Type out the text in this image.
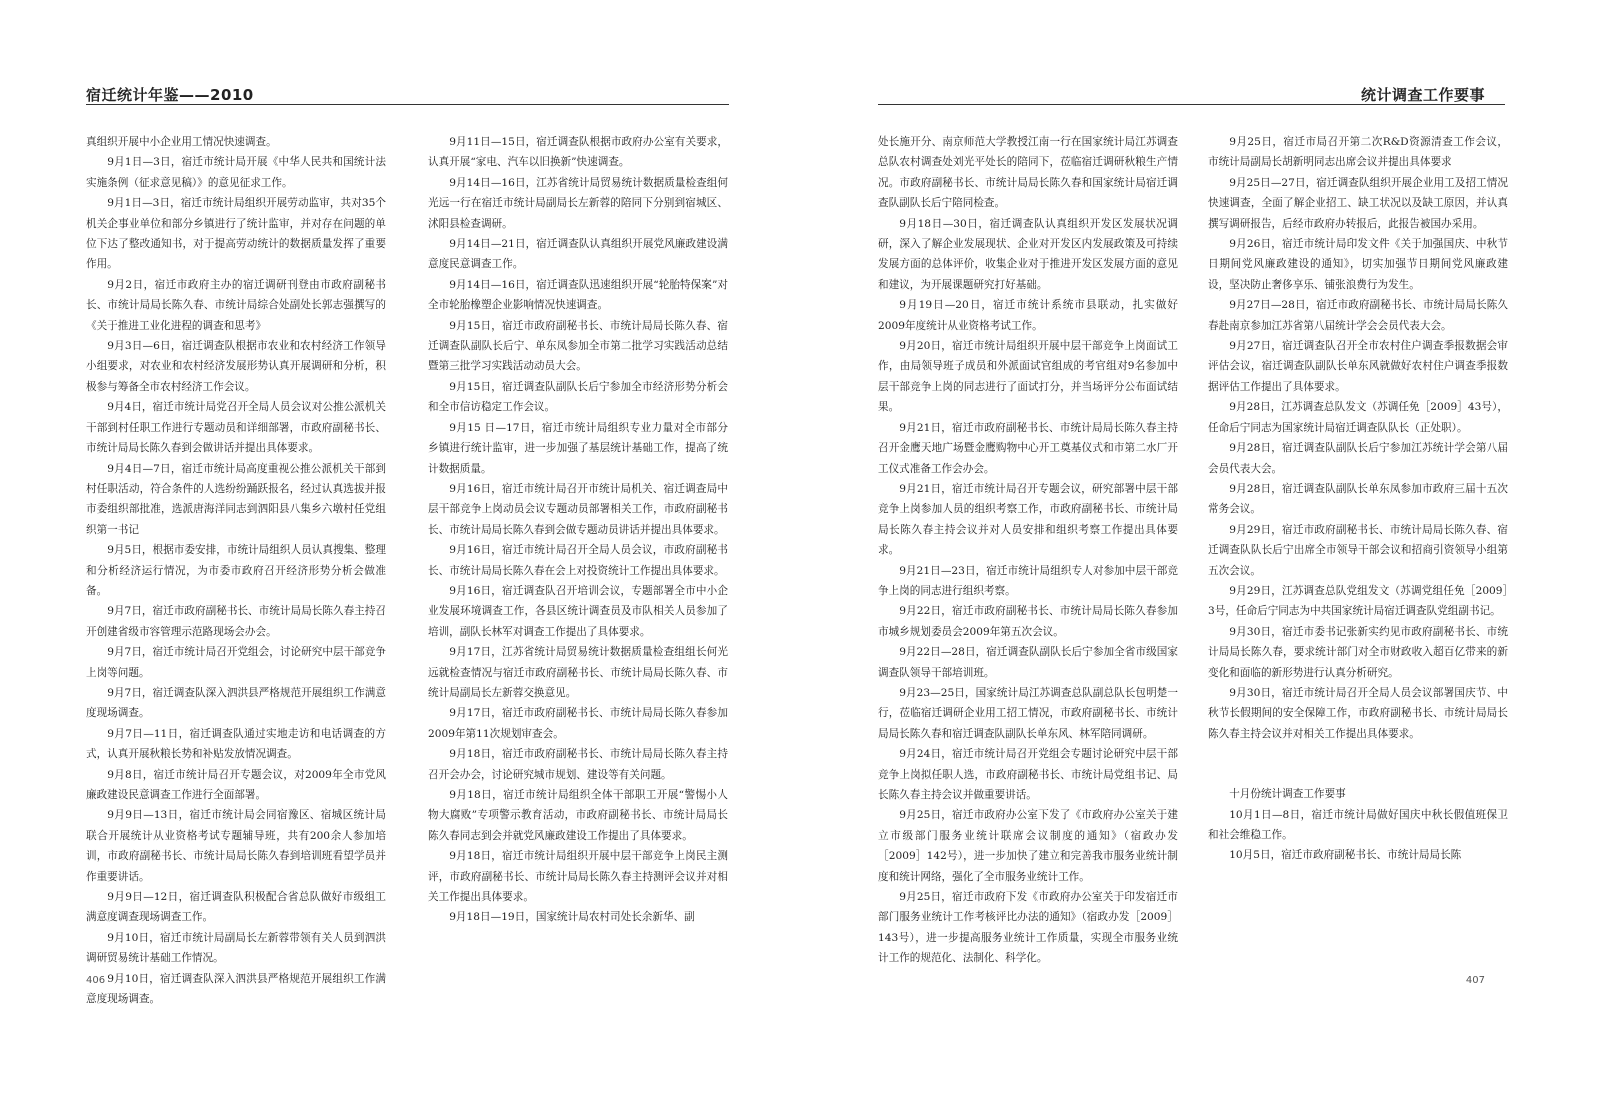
宿迁统计年鉴——2010

真组织开展中小企业用工情况快速调查。

9月1日—3日，宿迁市统计局开展《中华人民共和国统计法实施条例（征求意见稿）》的意见征求工作。

9月1日—3日，宿迁市统计局组织开展劳动监审，共对35个机关企事业单位和部分乡镇进行了统计监审，并对存在问题的单位下达了整改通知书，对于提高劳动统计的数据质量发挥了重要作用。

9月2日，宿迁市政府主办的宿迁调研刊登由市政府副秘书长、市统计局局长陈久春、市统计局综合处副处长郭志强撰写的《关于推进工业化进程的调查和思考》

9月3日—6日，宿迁调查队根据市农业和农村经济工作领导小组要求，对农业和农村经济发展形势认真开展调研和分析，积极参与筹备全市农村经济工作会议。

9月4日，宿迁市统计局党召开全局人员会议对公推公派机关干部到村任职工作进行专题动员和详细部署，市政府副秘书长、市统计局局长陈久春到会做讲话并提出具体要求。

9月4日—7日，宿迁市统计局高度重视公推公派机关干部到村任职活动，符合条件的人选纷纷踊跃报名，经过认真选拔并报市委组织部批准，选派唐海洋同志到泗阳县八集乡六墩村任党组织第一书记

9月5日，根据市委安排，市统计局组织人员认真搜集、整理和分析经济运行情况，为市委市政府召开经济形势分析会做准备。

9月7日，宿迁市政府副秘书长、市统计局局长陈久春主持召开创建省级市容管理示范路现场会办会。

9月7日，宿迁市统计局召开党组会，讨论研究中层干部竞争上岗等问题。

9月7日，宿迁调查队深入泗洪县严格规范开展组织工作满意度现场调查。

9月7日—11日，宿迁调查队通过实地走访和电话调查的方式，认真开展秋粮长势和补贴发放情况调查。

9月8日，宿迁市统计局召开专题会议，对2009年全市党风廉政建设民意调查工作进行全面部署。

9月9日—13日，宿迁市统计局会同宿豫区、宿城区统计局联合开展统计从业资格考试专题辅导班，共有200余人参加培训，市政府副秘书长、市统计局局长陈久春到培训班看望学员并作重要讲话。

9月9日—12日，宿迁调查队积极配合省总队做好市级组工满意度调查现场调查工作。

9月10日，宿迁市统计局副局长左新蓉带领有关人员到泗洪调研贸易统计基础工作情况。

9月10日，宿迁调查队深入泗洪县严格规范开展组织工作满意度现场调查。

9月11日—15日，宿迁调查队根据市政府办公室有关要求，认真开展“家电、汽车以旧换新”快速调查。

9月14日—16日，江苏省统计局贸易统计数据质量检查组何光远一行在宿迁市统计局副局长左新蓉的陪同下分别到宿城区、沭阳县检查调研。

9月14日—21日，宿迁调查队认真组织开展党风廉政建设满意度民意调查工作。

9月14日—16日，宿迁调查队迅速组织开展“轮胎特保案”对全市轮胎橡塑企业影响情况快速调查。

9月15日，宿迁市政府副秘书长、市统计局局长陈久春、宿迁调查队副队长后宁、单东凤参加全市第二批学习实践活动总结暨第三批学习实践活动动员大会。

9月15日，宿迁调查队副队长后宁参加全市经济形势分析会和全市信访稳定工作会议。

9月15 日—17日，宿迁市统计局组织专业力量对全市部分乡镇进行统计监审，进一步加强了基层统计基础工作，提高了统计数据质量。

9月16日，宿迁市统计局召开市统计局机关、宿迁调查局中层干部竞争上岗动员会议专题动员部署相关工作，市政府副秘书长、市统计局局长陈久春到会做专题动员讲话并提出具体要求。

9月16日，宿迁市统计局召开全局人员会议，市政府副秘书长、市统计局局长陈久春在会上对投资统计工作提出具体要求。

9月16日，宿迁调查队召开培训会议，专题部署全市中小企业发展环境调查工作，各县区统计调查员及市队相关人员参加了培训，副队长林军对调查工作提出了具体要求。

9月17日，江苏省统计局贸易统计数据质量检查组组长何光远就检查情况与宿迁市政府副秘书长、市统计局局长陈久春、市统计局副局长左新蓉交换意见。

9月17日，宿迁市政府副秘书长、市统计局局长陈久春参加2009年第11次规划审查会。

9月18日，宿迁市政府副秘书长、市统计局局长陈久春主持召开会办会，讨论研究城市规划、建设等有关问题。

9月18日，宿迁市统计局组织全体干部职工开展“警惕小人物大腐败”专项警示教育活动，市政府副秘书长、市统计局局长陈久春同志到会并就党风廉政建设工作提出了具体要求。

9月18日，宿迁市统计局组织开展中层干部竞争上岗民主测评，市政府副秘书长、市统计局局长陈久春主持测评会议并对相关工作提出具体要求。

9月18日—19日，国家统计局农村司处长余新华、副

406
统计调查工作要事

处长施开分、南京师范大学教授江南一行在国家统计局江苏调查总队农村调查处刘光平处长的陪同下，莅临宿迁调研秋粮生产情况。市政府副秘书长、市统计局局长陈久春和国家统计局宿迁调查队副队长后宁陪同检查。

9月18日—30日，宿迁调查队认真组织开发区发展状况调研，深入了解企业发展现状、企业对开发区内发展政策及可持续发展方面的总体评价，收集企业对于推进开发区发展方面的意见和建议，为开展课题研究打好基础。

9月19日—20日，宿迁市统计系统市县联动，扎实做好2009年度统计从业资格考试工作。

9月20日，宿迁市统计局组织开展中层干部竞争上岗面试工作，由局领导班子成员和外派面试官组成的考官组对9名参加中层干部竞争上岗的同志进行了面试打分，并当场评分公布面试结果。

9月21日，宿迁市政府副秘书长、市统计局局长陈久春主持召开金鹰天地广场暨金鹰购物中心开工奠基仪式和市第二水厂开工仪式准备工作会办会。

9月21日，宿迁市统计局召开专题会议，研究部署中层干部竞争上岗参加人员的组织考察工作，市政府副秘书长、市统计局局长陈久春主持会议并对人员安排和组织考察工作提出具体要求。

9月21日—23日，宿迁市统计局组织专人对参加中层干部竞争上岗的同志进行组织考察。

9月22日，宿迁市政府副秘书长、市统计局局长陈久春参加市城乡规划委员会2009年第五次会议。

9月22日—28日，宿迁调查队副队长后宁参加全省市级国家调查队领导干部培训班。

9月23—25日，国家统计局江苏调查总队副总队长包明楚一行，莅临宿迁调研企业用工招工情况，市政府副秘书长、市统计局局长陈久春和宿迁调查队副队长单东风、林军陪同调研。

9月24日，宿迁市统计局召开党组会专题讨论研究中层干部竞争上岗拟任职人选，市政府副秘书长、市统计局党组书记、局长陈久春主持会议并做重要讲话。

9月25日，宿迁市政府办公室下发了《市政府办公室关于建立市级部门服务业统计联席会议制度的通知》（宿政办发［2009］142号），进一步加快了建立和完善我市服务业统计制度和统计网络，强化了全市服务业统计工作。

9月25日，宿迁市政府下发《市政府办公室关于印发宿迁市部门服务业统计工作考核评比办法的通知》（宿政办发［2009］143号），进一步提高服务业统计工作质量，实现全市服务业统计工作的规范化、法制化、科学化。

9月25日，宿迁市局召开第二次R&D资源清查工作会议，市统计局副局长胡新明同志出席会议并提出具体要求

9月25日—27日，宿迁调查队组织开展企业用工及招工情况快速调查，全面了解企业招工、缺工状况以及缺工原因，并认真撰写调研报告，后经市政府办转报后，此报告被国办采用。

9月26日，宿迁市统计局印发文件《关于加强国庆、中秋节日期间党风廉政建设的通知》，切实加强节日期间党风廉政建设，坚决防止奢侈享乐、铺张浪费行为发生。

9月27日—28日，宿迁市政府副秘书长、市统计局局长陈久春赴南京参加江苏省第八届统计学会会员代表大会。

9月27日，宿迁调查队召开全市农村住户调查季报数据会审评估会议，宿迁调查队副队长单东风就做好农村住户调查季报数据评估工作提出了具体要求。

9月28日，江苏调查总队发文（苏调任免［2009］43号），任命后宁同志为国家统计局宿迁调查队队长（正处职）。

9月28日，宿迁调查队副队长后宁参加江苏统计学会第八届会员代表大会。

9月28日，宿迁调查队副队长单东凤参加市政府三届十五次常务会议。

9月29日，宿迁市政府副秘书长、市统计局局长陈久春、宿迁调查队队长后宁出席全市领导干部会议和招商引资领导小组第五次会议。

9月29日，江苏调查总队党组发文（苏调党组任免［2009］3号，任命后宁同志为中共国家统计局宿迁调查队党组副书记。

9月30日，宿迁市委书记张新实约见市政府副秘书长、市统计局局长陈久春，要求统计部门对全市财政收入超百亿带来的新变化和面临的新形势进行认真分析研究。

9月30日，宿迁市统计局召开全局人员会议部署国庆节、中秋节长假期间的安全保障工作，市政府副秘书长、市统计局局长陈久春主持会议并对相关工作提出具体要求。

十月份统计调查工作要事

10月1日—8日，宿迁市统计局做好国庆中秋长假值班保卫和社会维稳工作。

10月5日，宿迁市政府副秘书长、市统计局局长陈

407
